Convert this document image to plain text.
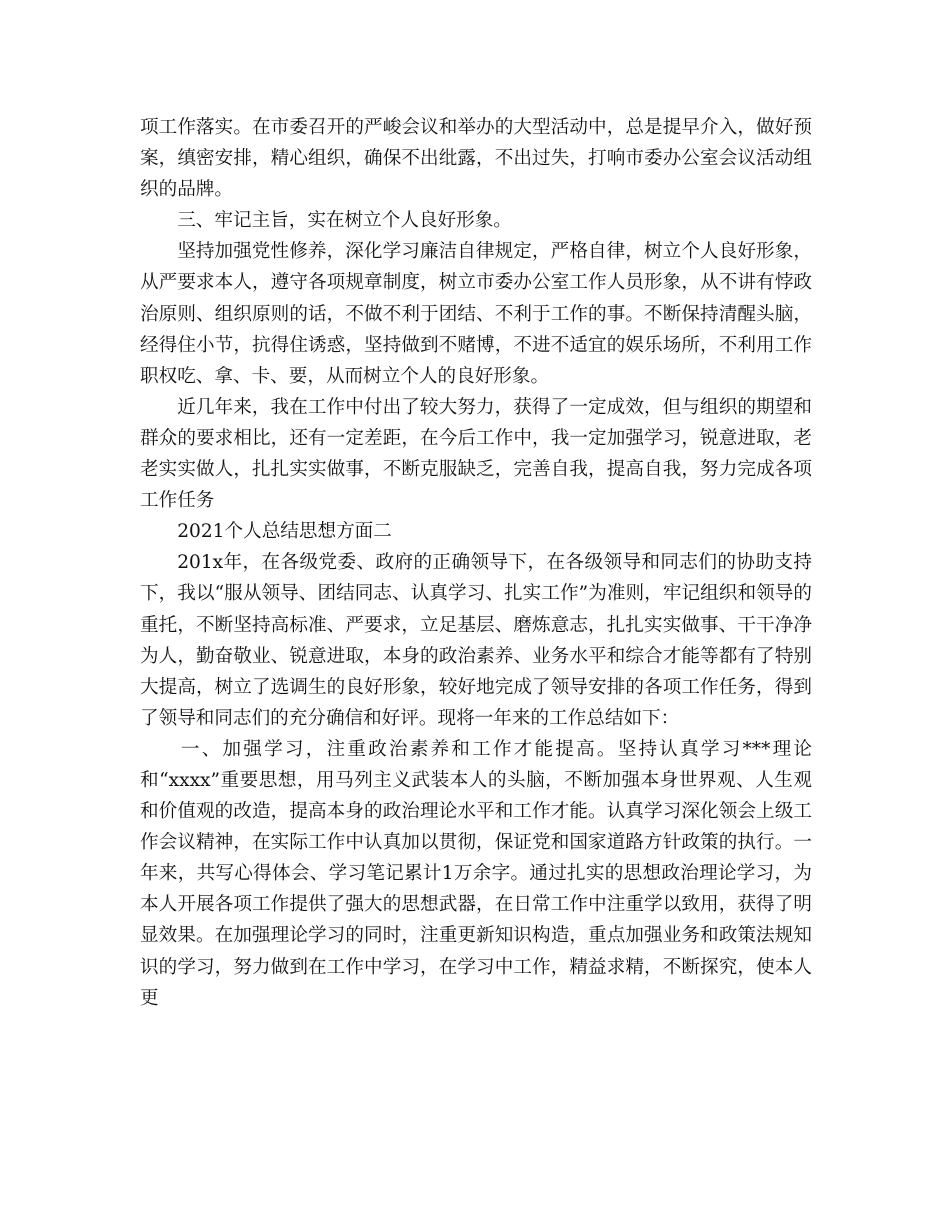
项工作落实。在市委召开的严峻会议和举办的大型活动中，总是提早介入，做好预案，缜密安排，精心组织，确保不出纰露，不出过失，打响市委办公室会议活动组织的品牌。

三、牢记主旨，实在树立个人良好形象。

坚持加强党性修养，深化学习廉洁自律规定，严格自律，树立个人良好形象，从严要求本人，遵守各项规章制度，树立市委办公室工作人员形象，从不讲有悖政治原则、组织原则的话，不做不利于团结、不利于工作的事。不断保持清醒头脑，经得住小节，抗得住诱惑，坚持做到不赌博，不进不适宜的娱乐场所，不利用工作职权吃、拿、卡、要，从而树立个人的良好形象。

近几年来，我在工作中付出了较大努力，获得了一定成效，但与组织的期望和群众的要求相比，还有一定差距，在今后工作中，我一定加强学习，锐意进取，老老实实做人，扎扎实实做事，不断克服缺乏，完善自我，提高自我，努力完成各项工作任务

2021个人总结思想方面二

201x年，在各级党委、政府的正确领导下，在各级领导和同志们的协助支持下，我以“服从领导、团结同志、认真学习、扎实工作”为准则，牢记组织和领导的重托，不断坚持高标准、严要求，立足基层、磨炼意志，扎扎实实做事、干干净净为人，勤奋敬业、锐意进取，本身的政治素养、业务水平和综合才能等都有了特别大提高，树立了选调生的良好形象，较好地完成了领导安排的各项工作任务，得到了领导和同志们的充分确信和好评。现将一年来的工作总结如下：

一、加强学习，注重政治素养和工作才能提高。坚持认真学习***理论和“xxxx”重要思想，用马列主义武装本人的头脑，不断加强本身世界观、人生观和价值观的改造，提高本身的政治理论水平和工作才能。认真学习深化领会上级工作会议精神，在实际工作中认真加以贯彻，保证党和国家道路方针政策的执行。一年来，共写心得体会、学习笔记累计1万余字。通过扎实的思想政治理论学习，为本人开展各项工作提供了强大的思想武器，在日常工作中注重学以致用，获得了明显效果。在加强理论学习的同时，注重更新知识构造，重点加强业务和政策法规知识的学习，努力做到在工作中学习，在学习中工作，精益求精，不断探究，使本人更
